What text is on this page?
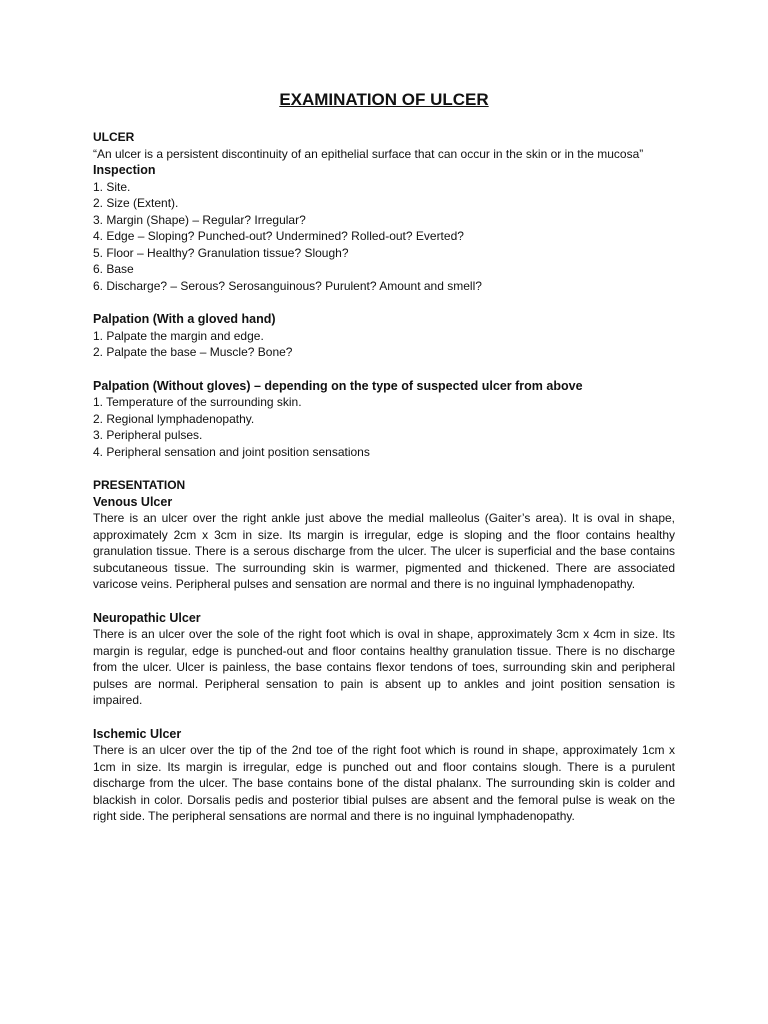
EXAMINATION OF ULCER
ULCER

“An ulcer is a persistent discontinuity of an epithelial surface that can occur in the skin or in the mucosa”

Inspection
1. Site.
2. Size (Extent).
3. Margin (Shape) – Regular? Irregular?
4. Edge – Sloping? Punched-out? Undermined? Rolled-out? Everted?
5. Floor – Healthy? Granulation tissue? Slough?
6. Base
6. Discharge? – Serous? Serosanguinous? Purulent? Amount and smell?
Palpation (With a gloved hand)
1. Palpate the margin and edge.
2. Palpate the base – Muscle? Bone?
Palpation (Without gloves) – depending on the type of suspected ulcer from above
1. Temperature of the surrounding skin.
2. Regional lymphadenopathy.
3. Peripheral pulses.
4. Peripheral sensation and joint position sensations
PRESENTATION
Venous Ulcer

There is an ulcer over the right ankle just above the medial malleolus (Gaiter’s area). It is oval in shape, approximately 2cm x 3cm in size. Its margin is irregular, edge is sloping and the floor contains healthy granulation tissue. There is a serous discharge from the ulcer. The ulcer is superficial and the base contains subcutaneous tissue. The surrounding skin is warmer, pigmented and thickened. There are associated varicose veins. Peripheral pulses and sensation are normal and there is no inguinal lymphadenopathy.

Neuropathic Ulcer

There is an ulcer over the sole of the right foot which is oval in shape, approximately 3cm x 4cm in size. Its margin is regular, edge is punched-out and floor contains healthy granulation tissue. There is no discharge from the ulcer. Ulcer is painless, the base contains flexor tendons of toes, surrounding skin and peripheral pulses are normal. Peripheral sensation to pain is absent up to ankles and joint position sensation is impaired.

Ischemic Ulcer

There is an ulcer over the tip of the 2nd toe of the right foot which is round in shape, approximately 1cm x 1cm in size. Its margin is irregular, edge is punched out and floor contains slough. There is a purulent discharge from the ulcer. The base contains bone of the distal phalanx. The surrounding skin is colder and blackish in color. Dorsalis pedis and posterior tibial pulses are absent and the femoral pulse is weak on the right side. The peripheral sensations are normal and there is no inguinal lymphadenopathy.
